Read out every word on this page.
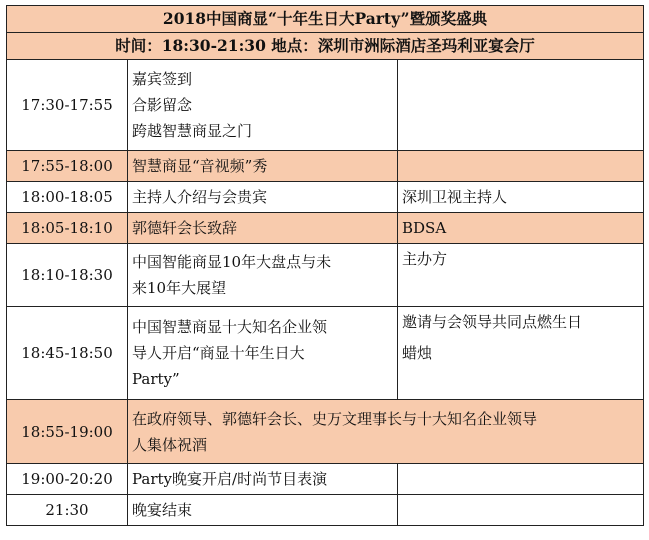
2018中国商显“十年生日大Party”暨颁奖盛典		
时间：18:30-21:30 地点：深圳市洲际酒店圣玛利亚宴会厅		
17:30-17:55	嘉宾签到
合影留念
跨越智慧商显之门	

17:55-18:00	智慧商显“音视频”秀	
18:00-18:05	主持人介绍与会贵宾	深圳卫视主持人
18:05-18:10	郭德轩会长致辞	BDSA
18:10-18:30	中国智能商显10年大盘点与未
来10年大展望	主办方
18:45-18:50	中国智慧商显十大知名企业领
导人开启“商显十年生日大
Party”	邀请与会领导共同点燃生日
蜡烛

18:55-19:00	在政府领导、郭德轩会长、史万文理事长与十大知名企业领导
人集体祝酒	

19:00-20:20	Party晚宴开启/时尚节目表演	
21:30	晚宴结束	
